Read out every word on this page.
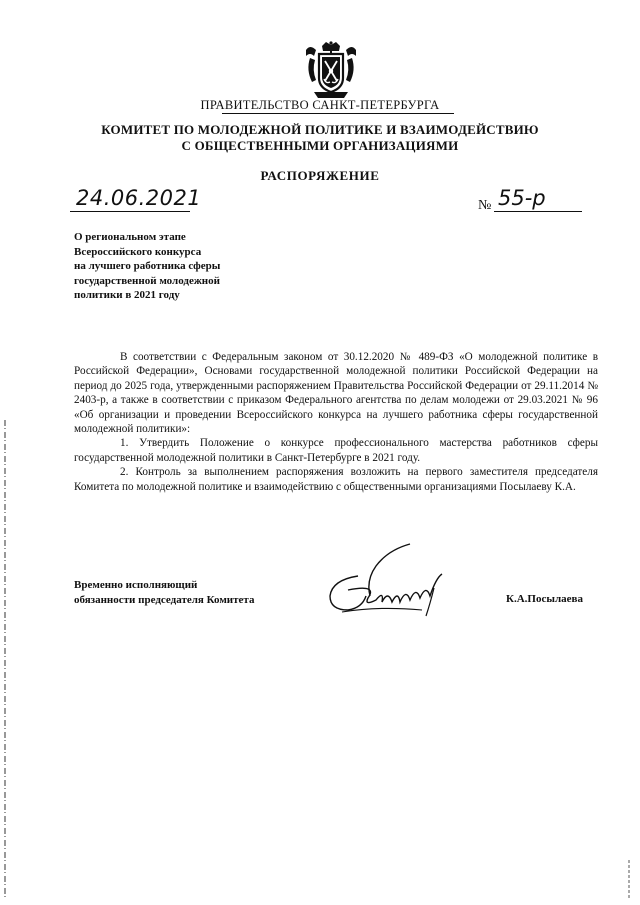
ПРАВИТЕЛЬСТВО САНКТ-ПЕТЕРБУРГА
КОМИТЕТ ПО МОЛОДЕЖНОЙ ПОЛИТИКЕ И ВЗАИМОДЕЙСТВИЮ
С ОБЩЕСТВЕННЫМИ ОРГАНИЗАЦИЯМИ
РАСПОРЯЖЕНИЕ
24.06.2021	№ 55-р
О региональном этапе
Всероссийского конкурса
на лучшего работника сферы
государственной молодежной
политики в 2021 году

В соответствии с Федеральным законом от 30.12.2020 № 489-ФЗ «О молодежной политике в Российской Федерации», Основами государственной молодежной политики Российской Федерации на период до 2025 года, утвержденными распоряжением Правительства Российской Федерации от 29.11.2014 № 2403-р, а также в соответствии с приказом Федерального агентства по делам молодежи от 29.03.2021 № 96 «Об организации и проведении Всероссийского конкурса на лучшего работника сферы государственной молодежной политики»:

1. Утвердить Положение о конкурсе профессионального мастерства работников сферы государственной молодежной политики в Санкт-Петербурге в 2021 году.

2. Контроль за выполнением распоряжения возложить на первого заместителя председателя Комитета по молодежной политике и взаимодействию с общественными организациями Посылаеву К.А.

Временно исполняющий
обязанности председателя Комитета	К.А.Посылаева
